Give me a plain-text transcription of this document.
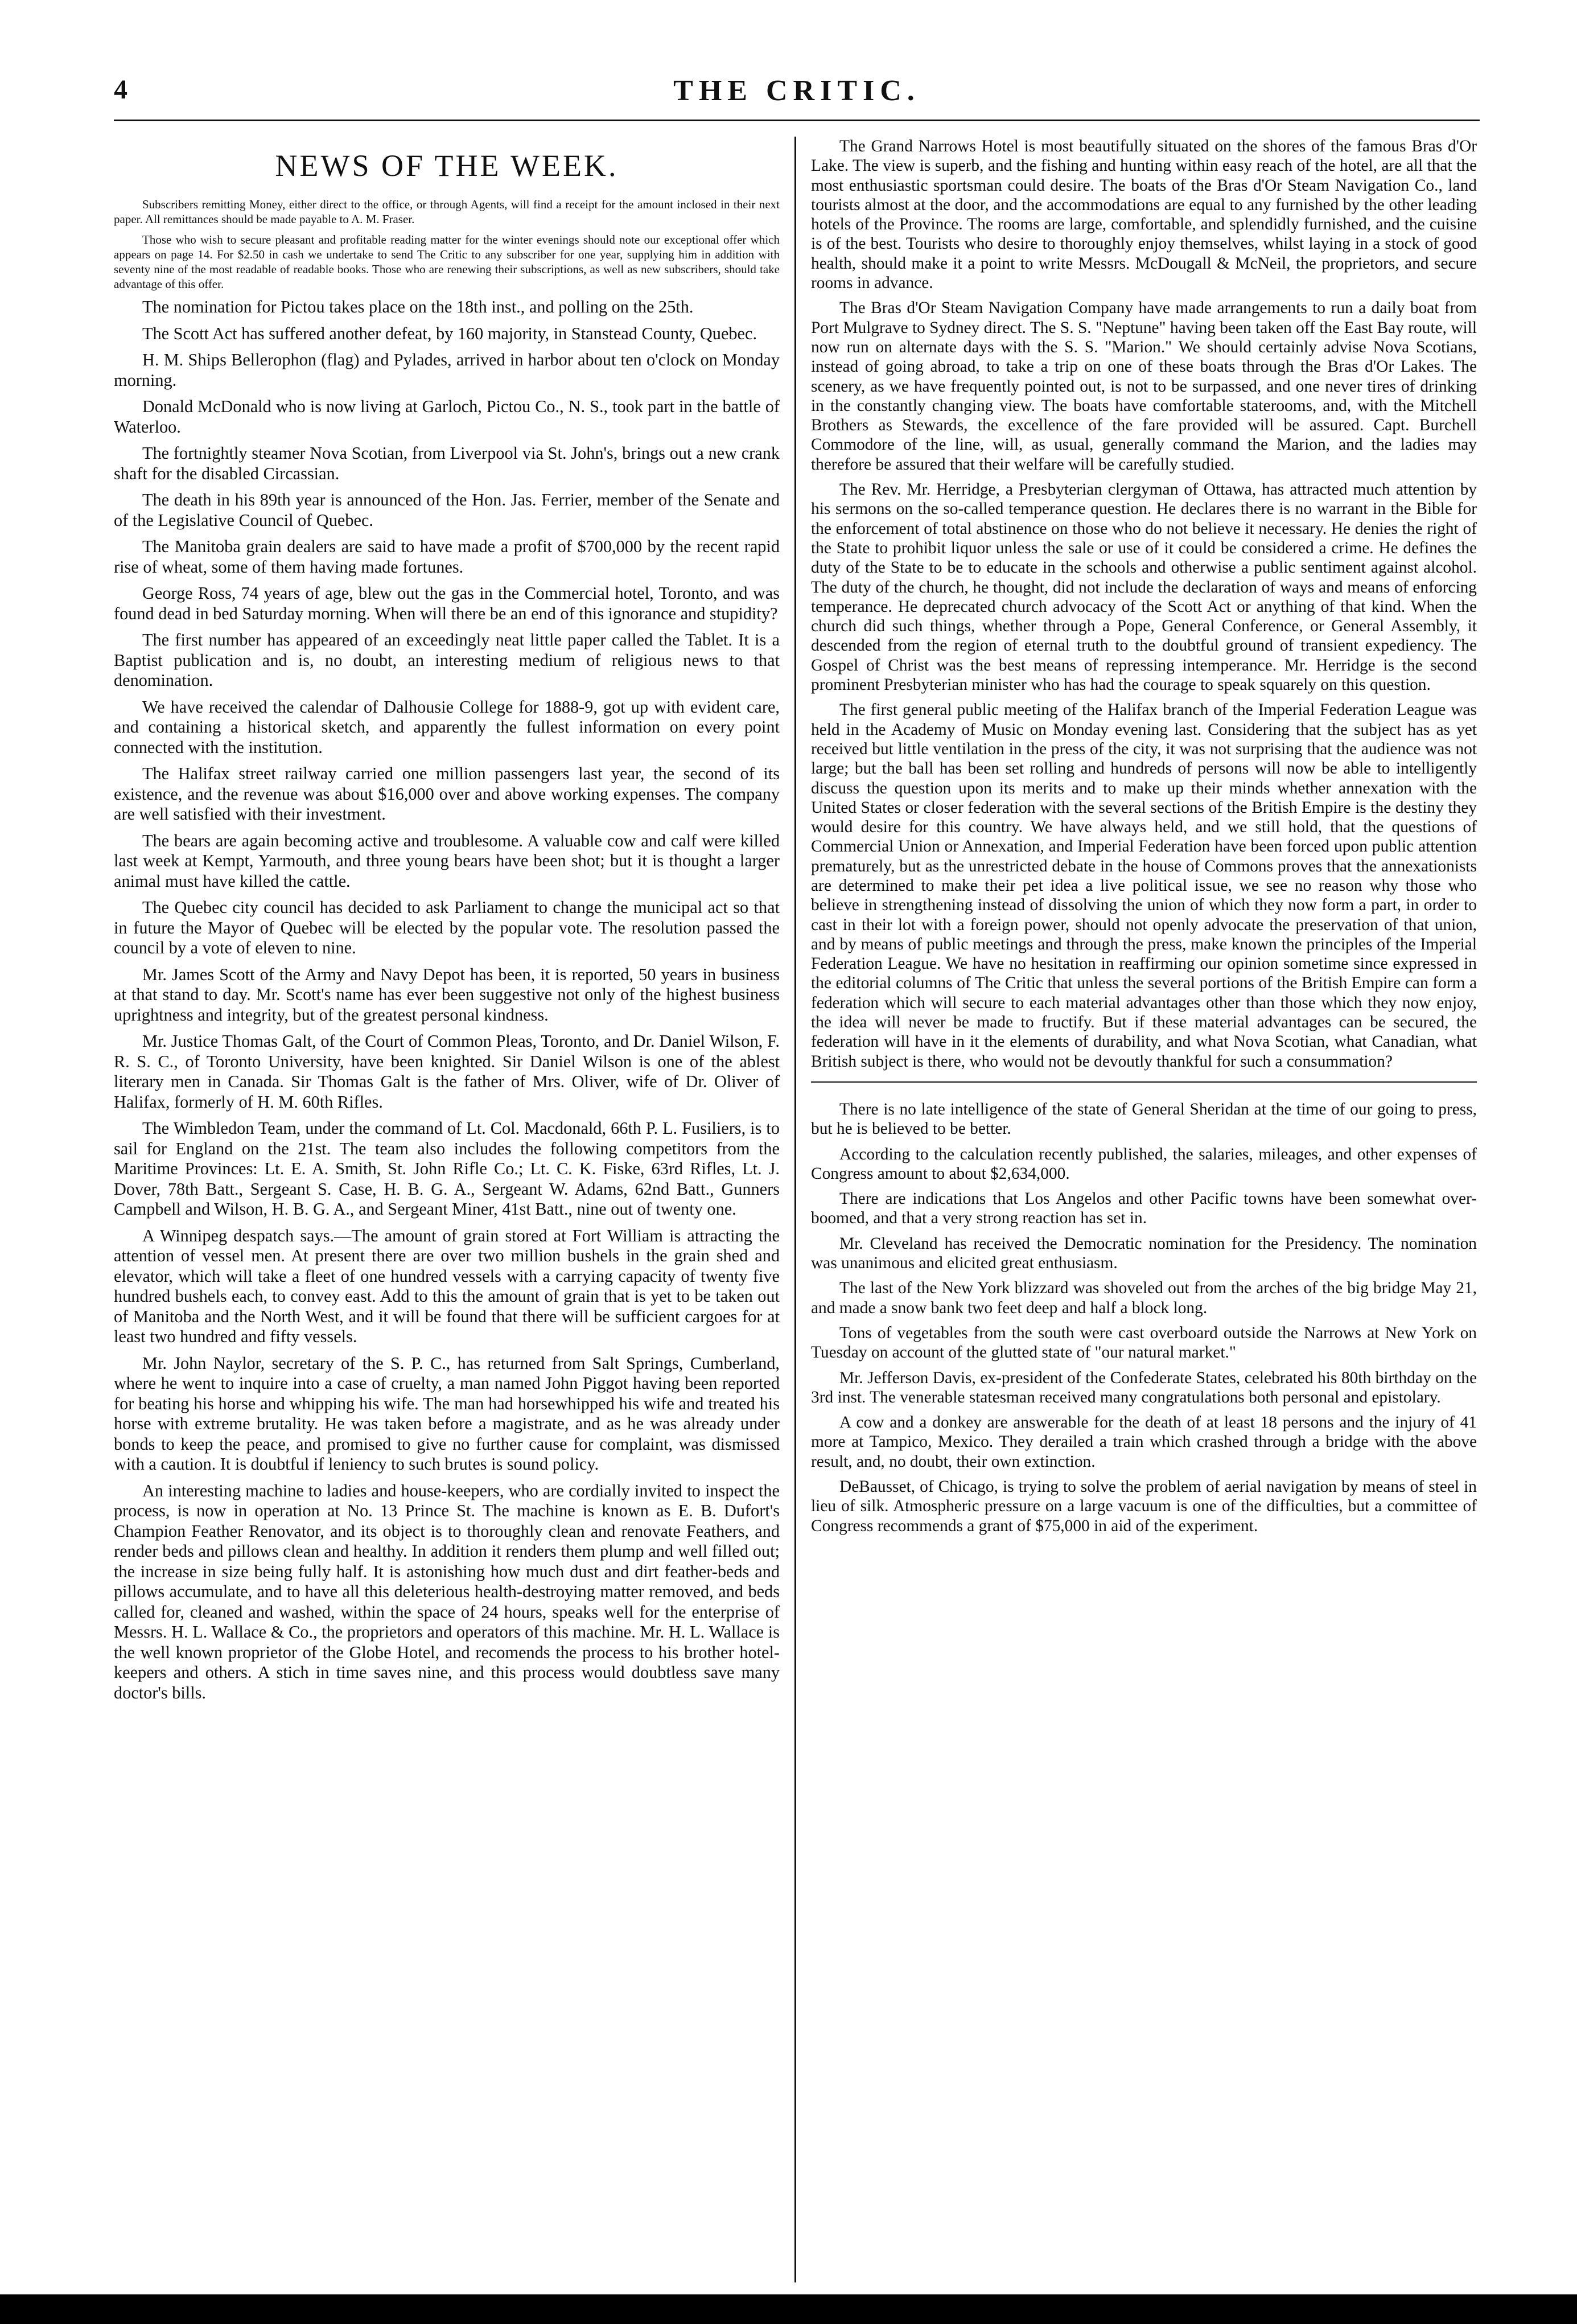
4	THE CRITIC.
NEWS OF THE WEEK.

Subscribers remitting Money, either direct to the office, or through Agents, will find a receipt for the amount inclosed in their next paper. All remittances should be made payable to A. M. Fraser.

Those who wish to secure pleasant and profitable reading matter for the winter evenings should note our exceptional offer which appears on page 14. For $2.50 in cash we undertake to send The Critic to any subscriber for one year, supplying him in addition with seventy nine of the most readable of readable books. Those who are renewing their subscriptions, as well as new subscribers, should take advantage of this offer.

The nomination for Pictou takes place on the 18th inst., and polling on the 25th.

The Scott Act has suffered another defeat, by 160 majority, in Stanstead County, Quebec.

H. M. Ships Bellerophon (flag) and Pylades, arrived in harbor about ten o'clock on Monday morning.

Donald McDonald who is now living at Garloch, Pictou Co., N. S., took part in the battle of Waterloo.

The fortnightly steamer Nova Scotian, from Liverpool via St. John's, brings out a new crank shaft for the disabled Circassian.

The death in his 89th year is announced of the Hon. Jas. Ferrier, member of the Senate and of the Legislative Council of Quebec.

The Manitoba grain dealers are said to have made a profit of $700,000 by the recent rapid rise of wheat, some of them having made fortunes.

George Ross, 74 years of age, blew out the gas in the Commercial hotel, Toronto, and was found dead in bed Saturday morning. When will there be an end of this ignorance and stupidity?

The first number has appeared of an exceedingly neat little paper called the Tablet. It is a Baptist publication and is, no doubt, an interesting medium of religious news to that denomination.

We have received the calendar of Dalhousie College for 1888-9, got up with evident care, and containing a historical sketch, and apparently the fullest information on every point connected with the institution.

The Halifax street railway carried one million passengers last year, the second of its existence, and the revenue was about $16,000 over and above working expenses. The company are well satisfied with their investment.

The bears are again becoming active and troublesome. A valuable cow and calf were killed last week at Kempt, Yarmouth, and three young bears have been shot; but it is thought a larger animal must have killed the cattle.

The Quebec city council has decided to ask Parliament to change the municipal act so that in future the Mayor of Quebec will be elected by the popular vote. The resolution passed the council by a vote of eleven to nine.

Mr. James Scott of the Army and Navy Depot has been, it is reported, 50 years in business at that stand to day. Mr. Scott's name has ever been suggestive not only of the highest business uprightness and integrity, but of the greatest personal kindness.

Mr. Justice Thomas Galt, of the Court of Common Pleas, Toronto, and Dr. Daniel Wilson, F. R. S. C., of Toronto University, have been knighted. Sir Daniel Wilson is one of the ablest literary men in Canada. Sir Thomas Galt is the father of Mrs. Oliver, wife of Dr. Oliver of Halifax, formerly of H. M. 60th Rifles.

The Wimbledon Team, under the command of Lt. Col. Macdonald, 66th P. L. Fusiliers, is to sail for England on the 21st. The team also includes the following competitors from the Maritime Provinces: Lt. E. A. Smith, St. John Rifle Co.; Lt. C. K. Fiske, 63rd Rifles, Lt. J. Dover, 78th Batt., Sergeant S. Case, H. B. G. A., Sergeant W. Adams, 62nd Batt., Gunners Campbell and Wilson, H. B. G. A., and Sergeant Miner, 41st Batt., nine out of twenty one.

A Winnipeg despatch says.—The amount of grain stored at Fort William is attracting the attention of vessel men. At present there are over two million bushels in the grain shed and elevator, which will take a fleet of one hundred vessels with a carrying capacity of twenty five hundred bushels each, to convey east. Add to this the amount of grain that is yet to be taken out of Manitoba and the North West, and it will be found that there will be sufficient cargoes for at least two hundred and fifty vessels.

Mr. John Naylor, secretary of the S. P. C., has returned from Salt Springs, Cumberland, where he went to inquire into a case of cruelty, a man named John Piggot having been reported for beating his horse and whipping his wife. The man had horsewhipped his wife and treated his horse with extreme brutality. He was taken before a magistrate, and as he was already under bonds to keep the peace, and promised to give no further cause for complaint, was dismissed with a caution. It is doubtful if leniency to such brutes is sound policy.

An interesting machine to ladies and house-keepers, who are cordially invited to inspect the process, is now in operation at No. 13 Prince St. The machine is known as E. B. Dufort's Champion Feather Renovator, and its object is to thoroughly clean and renovate Feathers, and render beds and pillows clean and healthy. In addition it renders them plump and well filled out; the increase in size being fully half. It is astonishing how much dust and dirt feather-beds and pillows accumulate, and to have all this deleterious health-destroying matter removed, and beds called for, cleaned and washed, within the space of 24 hours, speaks well for the enterprise of Messrs. H. L. Wallace & Co., the proprietors and operators of this machine. Mr. H. L. Wallace is the well known proprietor of the Globe Hotel, and recomends the process to his brother hotel-keepers and others. A stich in time saves nine, and this process would doubtless save many doctor's bills.

The Grand Narrows Hotel is most beautifully situated on the shores of the famous Bras d'Or Lake. The view is superb, and the fishing and hunting within easy reach of the hotel, are all that the most enthusiastic sportsman could desire. The boats of the Bras d'Or Steam Navigation Co., land tourists almost at the door, and the accommodations are equal to any furnished by the other leading hotels of the Province. The rooms are large, comfortable, and splendidly furnished, and the cuisine is of the best. Tourists who desire to thoroughly enjoy themselves, whilst laying in a stock of good health, should make it a point to write Messrs. McDougall & McNeil, the proprietors, and secure rooms in advance.

The Bras d'Or Steam Navigation Company have made arrangements to run a daily boat from Port Mulgrave to Sydney direct. The S. S. "Neptune" having been taken off the East Bay route, will now run on alternate days with the S. S. "Marion." We should certainly advise Nova Scotians, instead of going abroad, to take a trip on one of these boats through the Bras d'Or Lakes. The scenery, as we have frequently pointed out, is not to be surpassed, and one never tires of drinking in the constantly changing view. The boats have comfortable staterooms, and, with the Mitchell Brothers as Stewards, the excellence of the fare provided will be assured. Capt. Burchell Commodore of the line, will, as usual, generally command the Marion, and the ladies may therefore be assured that their welfare will be carefully studied.

The Rev. Mr. Herridge, a Presbyterian clergyman of Ottawa, has attracted much attention by his sermons on the so-called temperance question. He declares there is no warrant in the Bible for the enforcement of total abstinence on those who do not believe it necessary. He denies the right of the State to prohibit liquor unless the sale or use of it could be considered a crime. He defines the duty of the State to be to educate in the schools and otherwise a public sentiment against alcohol. The duty of the church, he thought, did not include the declaration of ways and means of enforcing temperance. He deprecated church advocacy of the Scott Act or anything of that kind. When the church did such things, whether through a Pope, General Conference, or General Assembly, it descended from the region of eternal truth to the doubtful ground of transient expediency. The Gospel of Christ was the best means of repressing intemperance. Mr. Herridge is the second prominent Presbyterian minister who has had the courage to speak squarely on this question.

The first general public meeting of the Halifax branch of the Imperial Federation League was held in the Academy of Music on Monday evening last. Considering that the subject has as yet received but little ventilation in the press of the city, it was not surprising that the audience was not large; but the ball has been set rolling and hundreds of persons will now be able to intelligently discuss the question upon its merits and to make up their minds whether annexation with the United States or closer federation with the several sections of the British Empire is the destiny they would desire for this country. We have always held, and we still hold, that the questions of Commercial Union or Annexation, and Imperial Federation have been forced upon public attention prematurely, but as the unrestricted debate in the house of Commons proves that the annexationists are determined to make their pet idea a live political issue, we see no reason why those who believe in strengthening instead of dissolving the union of which they now form a part, in order to cast in their lot with a foreign power, should not openly advocate the preservation of that union, and by means of public meetings and through the press, make known the principles of the Imperial Federation League. We have no hesitation in reaffirming our opinion sometime since expressed in the editorial columns of The Critic that unless the several portions of the British Empire can form a federation which will secure to each material advantages other than those which they now enjoy, the idea will never be made to fructify. But if these material advantages can be secured, the federation will have in it the elements of durability, and what Nova Scotian, what Canadian, what British subject is there, who would not be devoutly thankful for such a consummation?

There is no late intelligence of the state of General Sheridan at the time of our going to press, but he is believed to be better.

According to the calculation recently published, the salaries, mileages, and other expenses of Congress amount to about $2,634,000.

There are indications that Los Angelos and other Pacific towns have been somewhat over-boomed, and that a very strong reaction has set in.

Mr. Cleveland has received the Democratic nomination for the Presidency. The nomination was unanimous and elicited great enthusiasm.

The last of the New York blizzard was shoveled out from the arches of the big bridge May 21, and made a snow bank two feet deep and half a block long.

Tons of vegetables from the south were cast overboard outside the Narrows at New York on Tuesday on account of the glutted state of "our natural market."

Mr. Jefferson Davis, ex-president of the Confederate States, celebrated his 80th birthday on the 3rd inst. The venerable statesman received many congratulations both personal and epistolary.

A cow and a donkey are answerable for the death of at least 18 persons and the injury of 41 more at Tampico, Mexico. They derailed a train which crashed through a bridge with the above result, and, no doubt, their own extinction.

DeBausset, of Chicago, is trying to solve the problem of aerial navigation by means of steel in lieu of silk. Atmospheric pressure on a large vacuum is one of the difficulties, but a committee of Congress recommends a grant of $75,000 in aid of the experiment.
